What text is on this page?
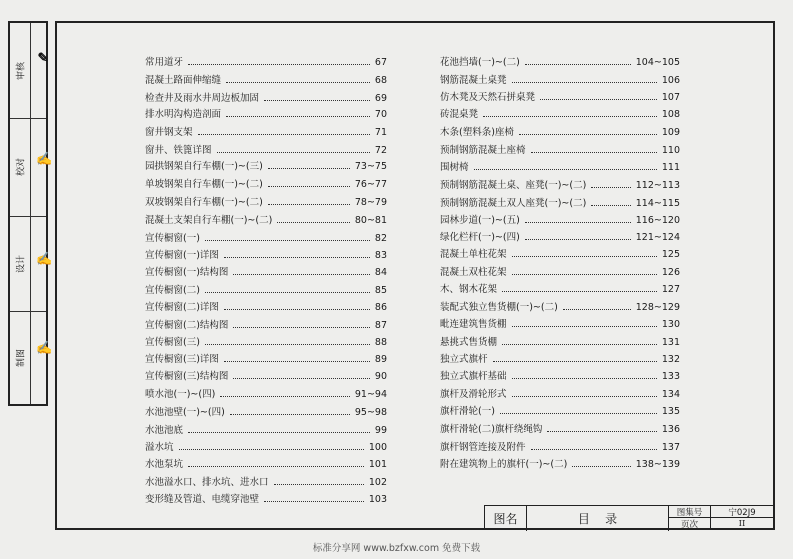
审核
✎
校对 ✍
设计 ✍
制图 ✍
常用道牙	67
混凝土路面伸缩缝	68
检查井及雨水井周边板加固	69
排水明沟构造剖面	70
窗井钢支架	71
窗井、铁篦详图	72
园拱钢架自行车棚(一)~(三)	73~75
单坡钢架自行车棚(一)~(二)	76~77
双坡钢架自行车棚(一)~(二)	78~79
混凝土支架自行车棚(一)~(二)	80~81
宣传橱窗(一)	82
宣传橱窗(一)详图	83
宣传橱窗(一)结构图	84
宣传橱窗(二)	85
宣传橱窗(二)详图	86
宣传橱窗(二)结构图	87
宣传橱窗(三)	88
宣传橱窗(三)详图	89
宣传橱窗(三)结构图	90
喷水池(一)~(四)	91~94
水池池壁(一)~(四)	95~98
水池池底	99
溢水坑	100
水池泵坑	101
水池溢水口、排水坑、进水口	102
变形缝及管道、电缆穿池壁	103
花池挡墙(一)~(二)	104~105
钢筋混凝土桌凳	106
仿木凳及天然石拼桌凳	107
砖混桌凳	108
木条(塑料条)座椅	109
预制钢筋混凝土座椅	110
围树椅	111
预制钢筋混凝土桌、座凳(一)~(二)	112~113
预制钢筋混凝土双人座凳(一)~(二)	114~115
园林步道(一)~(五)	116~120
绿化栏杆(一)~(四)	121~124
混凝土单柱花架	125
混凝土双柱花架	126
木、钢木花架	127
装配式独立售货棚(一)~(二)	128~129
毗连建筑售货棚	130
悬挑式售货棚	131
独立式旗杆	132
独立式旗杆基础	133
旗杆及滑轮形式	134
旗杆滑轮(一)	135
旗杆滑轮(二)旗杆绕绳钩	136
旗杆钢管连接及附件	137
附在建筑物上的旗杆(一)~(二)	138~139
图名	目    录	图集号	宁02J9
页次	II
标准分享网 www.bzfxw.com 免费下载
